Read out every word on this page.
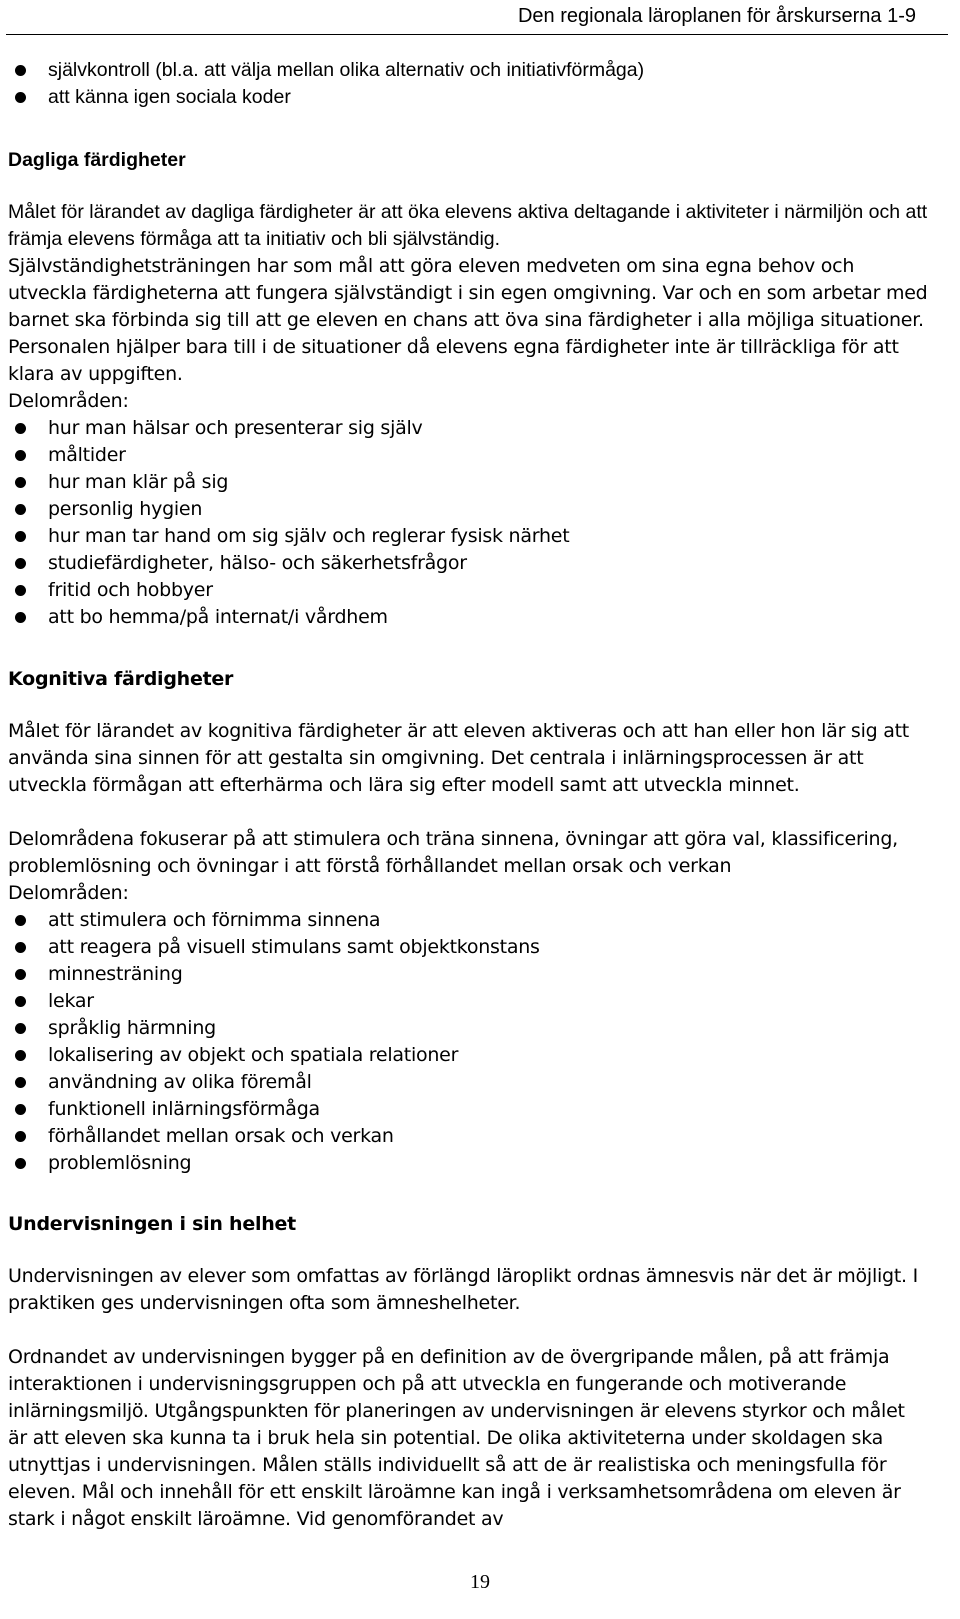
Den regionala läroplanen för årskurserna 1-9
självkontroll (bl.a. att välja mellan olika alternativ och initiativförmåga)
att känna igen sociala koder
Dagliga färdigheter

Målet för lärandet av dagliga färdigheter är att öka elevens aktiva deltagande i aktiviteter i närmiljön och att främja elevens förmåga att ta initiativ och bli självständig.

Självständighetsträningen har som mål att göra eleven medveten om sina egna behov och utveckla färdigheterna att fungera självständigt i sin egen omgivning. Var och en som arbetar med barnet ska förbinda sig till att ge eleven en chans att öva sina färdigheter i alla möjliga situationer. Personalen hjälper bara till i de situationer då elevens egna färdigheter inte är tillräckliga för att klara av uppgiften.

Delområden:
hur man hälsar och presenterar sig själv
måltider
hur man klär på sig
personlig hygien
hur man tar hand om sig själv och reglerar fysisk närhet
studiefärdigheter, hälso- och säkerhetsfrågor
fritid och hobbyer
att bo hemma/på internat/i vårdhem
Kognitiva färdigheter

Målet för lärandet av kognitiva färdigheter är att eleven aktiveras och att han eller hon lär sig att använda sina sinnen för att gestalta sin omgivning. Det centrala i inlärningsprocessen är att utveckla förmågan att efterhärma och lära sig efter modell samt att utveckla minnet.

Delområdena fokuserar på att stimulera och träna sinnena, övningar att göra val, klassificering, problemlösning och övningar i att förstå förhållandet mellan orsak och verkan

Delområden:
att stimulera och förnimma sinnena
att reagera på visuell stimulans samt objektkonstans
minnesträning
lekar
språklig härmning
lokalisering av objekt och spatiala relationer
användning av olika föremål
funktionell inlärningsförmåga
förhållandet mellan orsak och verkan
problemlösning
Undervisningen i sin helhet

Undervisningen av elever som omfattas av förlängd läroplikt ordnas ämnesvis när det är möjligt. I praktiken ges undervisningen ofta som ämneshelheter.

Ordnandet av undervisningen bygger på en definition av de övergripande målen, på att främja interaktionen i undervisningsgruppen och på att utveckla en fungerande och motiverande inlärningsmiljö. Utgångspunkten för planeringen av undervisningen är elevens styrkor och målet är att eleven ska kunna ta i bruk hela sin potential. De olika aktiviteterna under skoldagen ska utnyttjas i undervisningen. Målen ställs individuellt så att de är realistiska och meningsfulla för eleven. Mål och innehåll för ett enskilt läroämne kan ingå i verksamhetsområdena om eleven är stark i något enskilt läroämne. Vid genomförandet av

19
